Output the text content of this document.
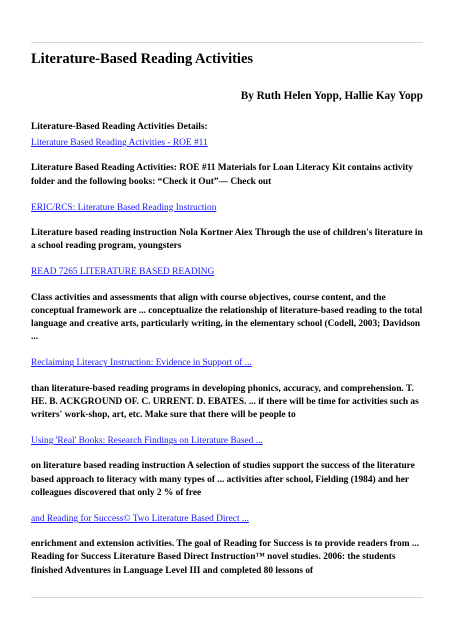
Literature-Based Reading Activities
By Ruth Helen Yopp, Hallie Kay Yopp
Literature-Based Reading Activities Details:
Literature Based Reading Activities - ROE #11
Literature Based Reading Activities: ROE #11 Materials for Loan Literacy Kit contains activity folder and the following books: “Check it Out”— Check out
ERIC/RCS: Literature Based Reading Instruction
Literature based reading instruction Nola Kortner Aiex Through the use of children's literature in a school reading program, youngsters
READ 7265 LITERATURE BASED READING
Class activities and assessments that align with course objectives, course content, and the conceptual framework are ... conceptualize the relationship of literature-based reading to the total language and creative arts, particularly writing, in the elementary school (Codell, 2003; Davidson ...
Reclaiming Literacy Instruction: Evidence in Support of ...
than literature-based reading programs in developing phonics, accuracy, and comprehension. T. HE. B. ACKGROUND OF. C. URRENT. D. EBATES. ... if there will be time for activities such as writers' work-shop, art, etc. Make sure that there will be people to
Using 'Real' Books: Research Findings on Literature Based ...
on literature based reading instruction A selection of studies support the success of the literature based approach to literacy with many types of ... activities after school, Fielding (1984) and her colleagues discovered that only 2 % of free
and Reading for Success© Two Literature Based Direct ...
enrichment and extension activities. The goal of Reading for Success is to provide readers from ... Reading for Success Literature Based Direct Instruction™ novel studies. 2006: the students finished Adventures in Language Level III and completed 80 lessons of
